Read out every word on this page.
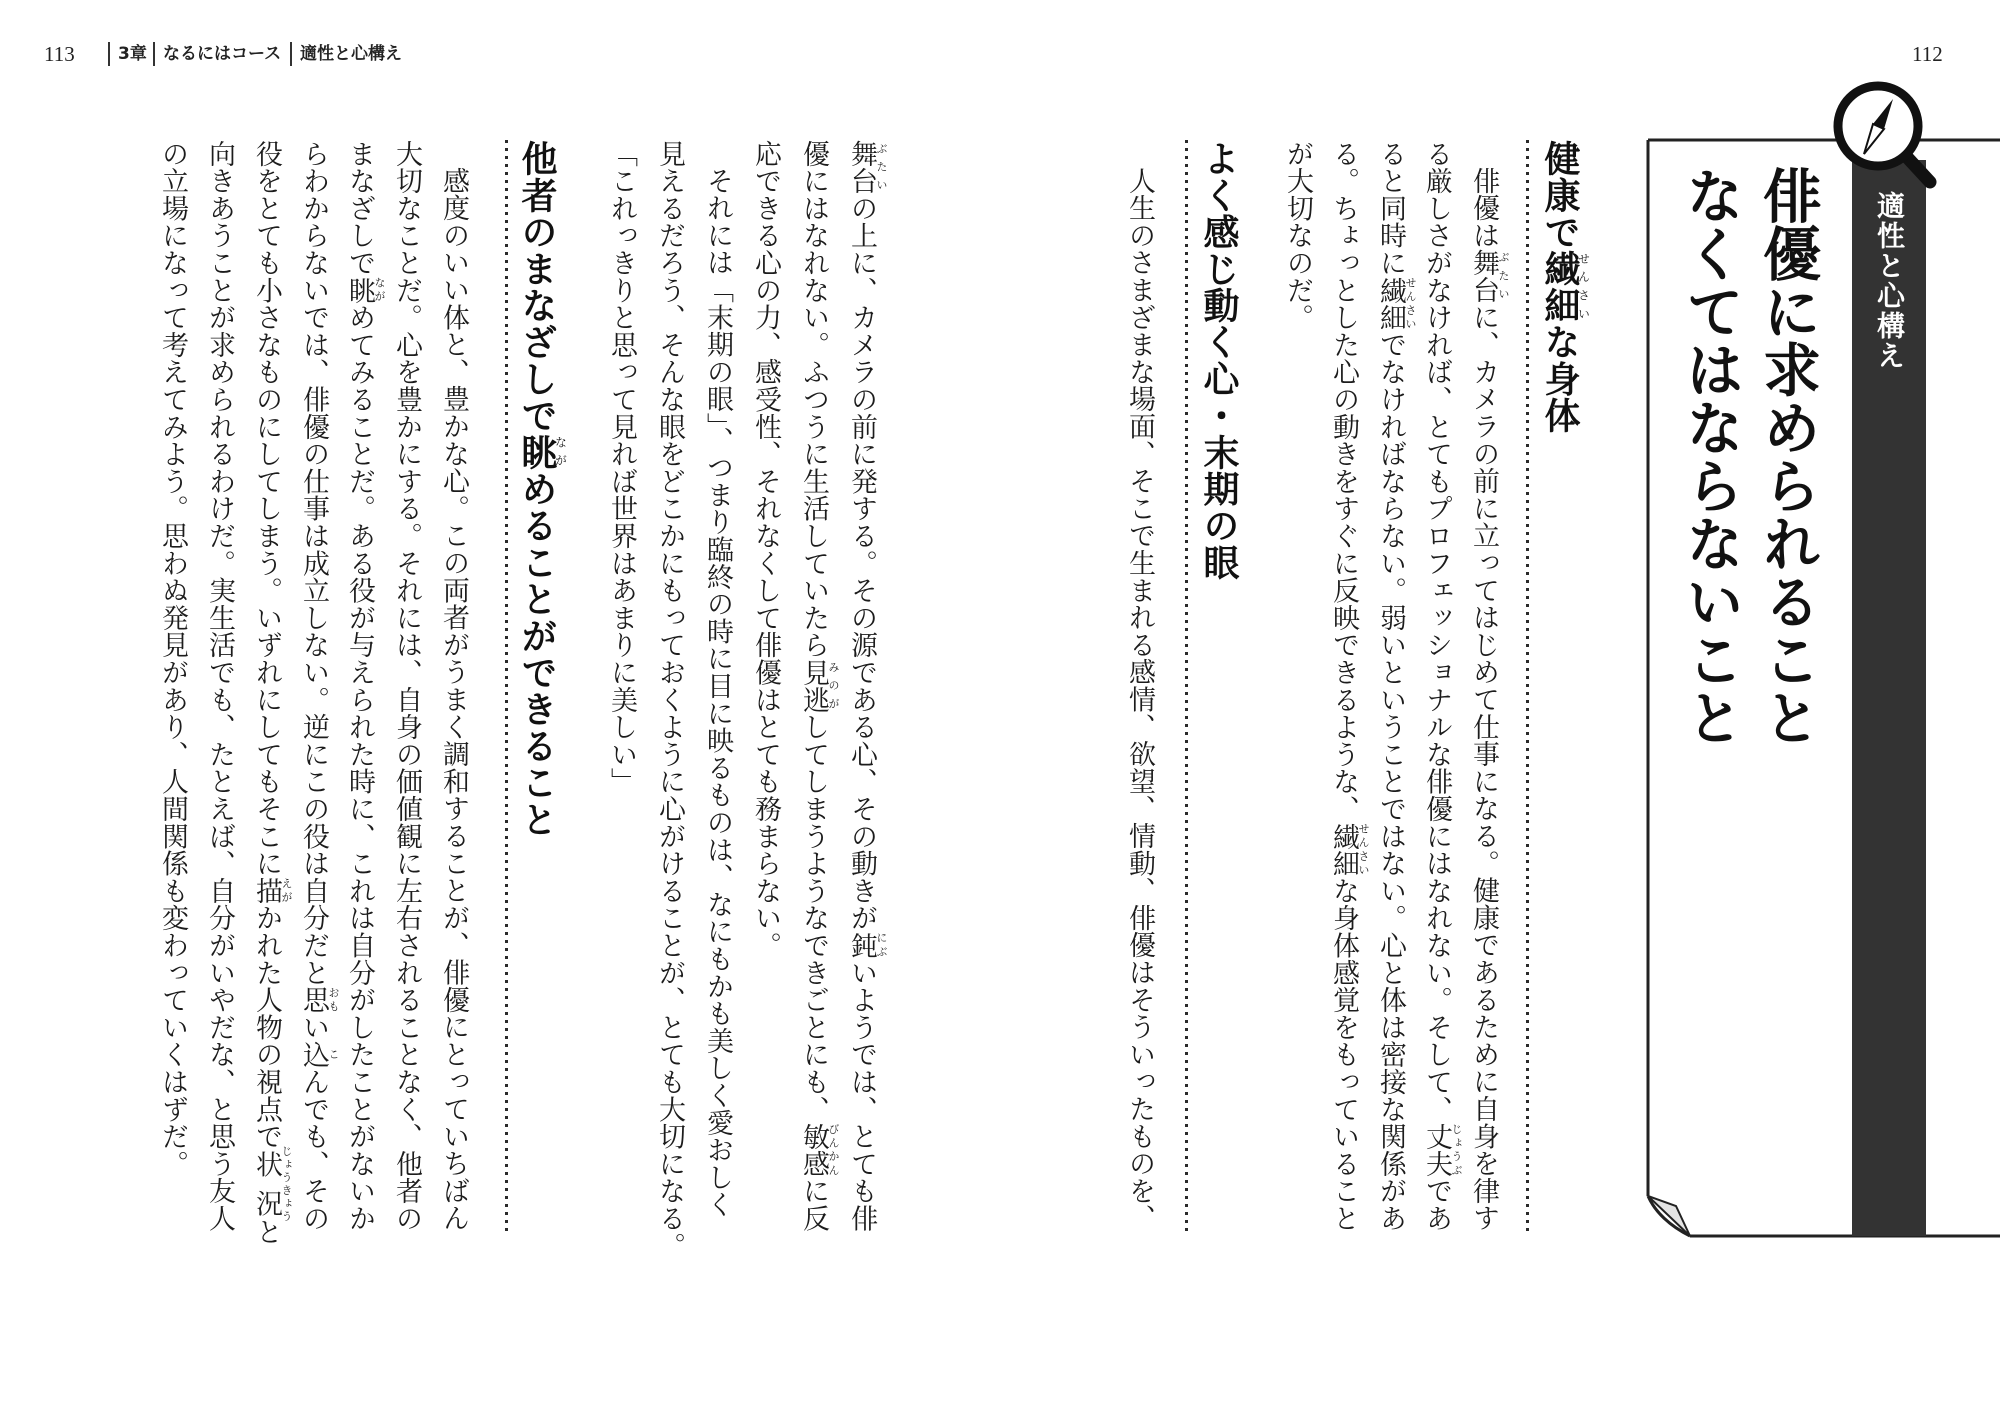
113	3章 なるにはコース 適性と心構え	112
適性と心構え
俳優に求められること
なくてはならないこと
健康で繊細せんさいな身体
俳優は舞台ぶたいに、カメラの前に立ってはじめて仕事になる。健康であるために自身を律す
る厳しさがなければ、とてもプロフェッショナルな俳優にはなれない。そして、丈夫じょうぶであ
ると同時に繊細せんさいでなければならない。弱いということではない。心と体は密接な関係があ
る。ちょっとした心の動きをすぐに反映できるような、繊細せんさいな身体感覚をもっていること
が大切なのだ。
よく感じ動く心・末期の眼
人生のさまざまな場面、そこで生まれる感情、欲望、情動、俳優はそういったものを、
舞台ぶたいの上に、カメラの前に発する。その源である心、その動きが鈍にぶいようでは、とても俳
優にはなれない。ふつうに生活していたら見逃みのがしてしまうようなできごとにも、敏感びんかんに反
応できる心の力、感受性、それなくして俳優はとても務まらない。
それには「末期の眼」、つまり臨終の時に目に映るものは、なにもかも美しく愛おしく
見えるだろう、そんな眼をどこかにもっておくように心がけることが、とても大切になる。
「これっきりと思って見れば世界はあまりに美しい」
他者のまなざしで眺ながめることができること
感度のいい体と、豊かな心。この両者がうまく調和することが、俳優にとっていちばん
大切なことだ。心を豊かにする。それには、自身の価値観に左右されることなく、他者の
まなざしで眺ながめてみることだ。ある役が与えられた時に、これは自分がしたことがないか
らわからないでは、俳優の仕事は成立しない。逆にこの役は自分だと思おもい込こんでも、その
役をとても小さなものにしてしまう。いずれにしてもそこに描えがかれた人物の視点で状況じょうきょうと
向きあうことが求められるわけだ。実生活でも、たとえば、自分がいやだな、と思う友人
の立場になって考えてみよう。思わぬ発見があり、人間関係も変わっていくはずだ。
